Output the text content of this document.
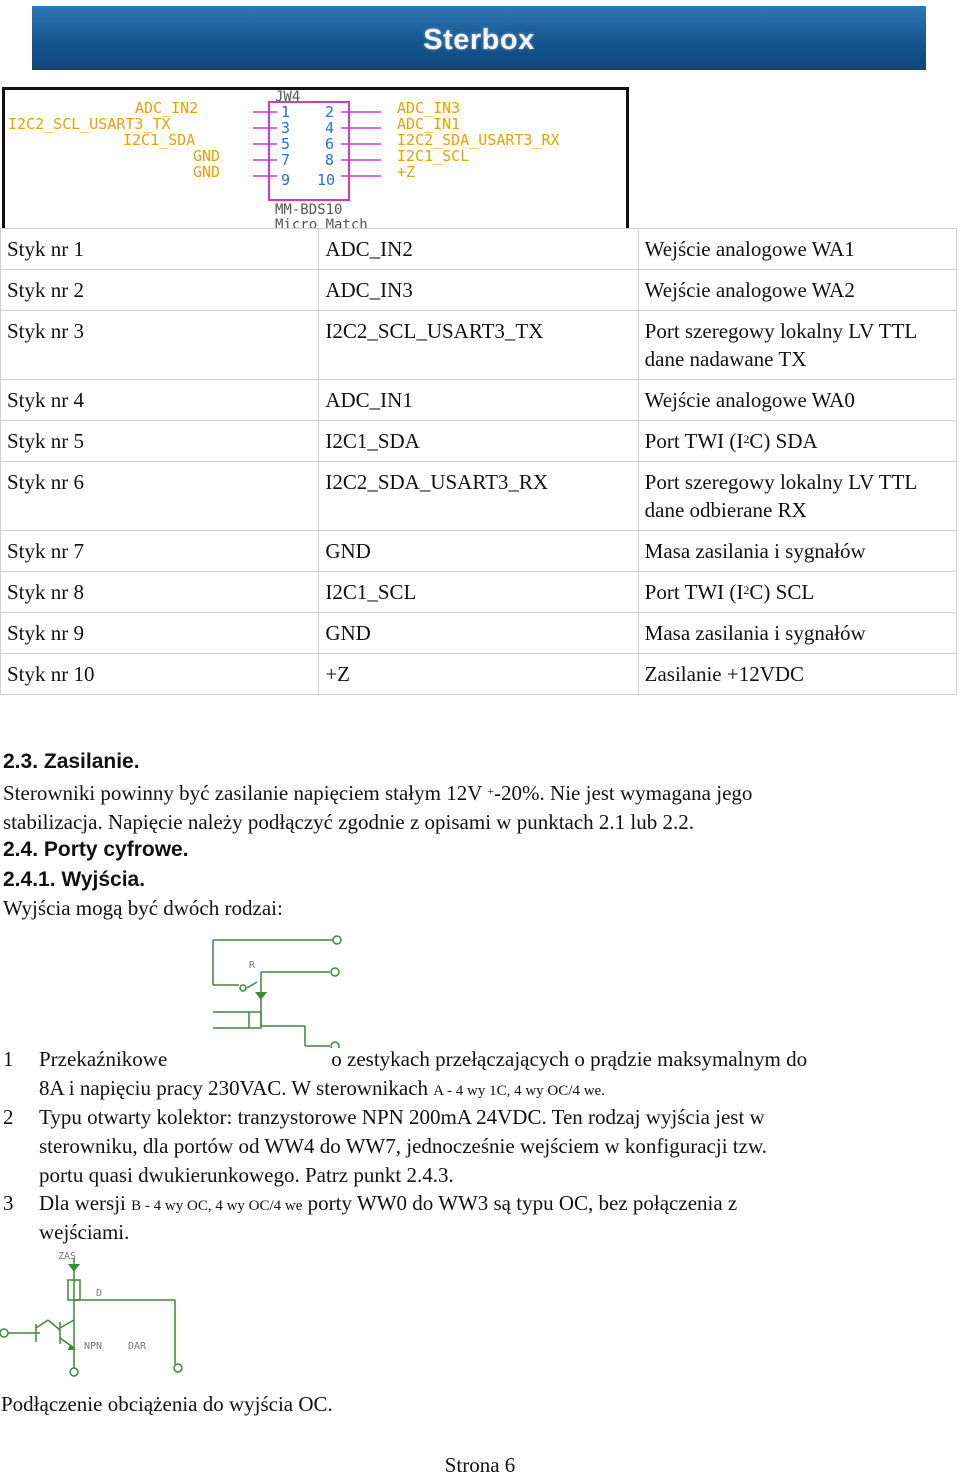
Sterbox
ADC_IN2
I2C2_SCL_USART3_TX
I2C1_SDA
GND
GND
ADC_IN3
ADC_IN1
I2C2_SDA_USART3_RX
I2C1_SCL
+Z
1 2
3 4
5 6
7 8
9 10
JW4
MM-BDS10
Micro Match
Styk nr 1	ADC_IN2	Wejście analogowe WA1
Styk nr 2	ADC_IN3	Wejście analogowe WA2
Styk nr 3	I2C2_SCL_USART3_TX	Port szeregowy lokalny LV TTL dane nadawane TX
Styk nr 4	ADC_IN1	Wejście analogowe WA0
Styk nr 5	I2C1_SDA	Port TWI $(I^2C)$ SDA
Styk nr 6	I2C2_SDA_USART3_RX	Port szeregowy lokalny LV TTL dane odbierane RX
Styk nr 7	GND	Masa zasilania i sygnałów
Styk nr 8	I2C1_SCL	Port TWI $(I^2C)$ SCL
Styk nr 9	GND	Masa zasilania i sygnałów
Styk nr 10	+Z	Zasilanie +12VDC
2.3. Zasilanie.
Sterowniki powinny być zasilanie napięciem stałym 12V +-20%. Nie jest wymagana jego
stabilizacja. Napięcie należy podłączyć zgodnie z opisami w punktach 2.1 lub 2.2.
2.4. Porty cyfrowe.
2.4.1. Wyjścia.
Wyjścia mogą być dwóch rodzai:
R
1 Przekaźnikowe	o zestykach przełączających o prądzie maksymalnym do
8A i napięciu pracy 230VAC. W sterownikach A - 4 wy 1C, 4 wy OC/4 we.
2 Typu otwarty kolektor: tranzystorowe NPN 200mA 24VDC. Ten rodzaj wyjścia jest w
sterowniku, dla portów od WW4 do WW7, jednocześnie wejściem w konfiguracji tzw.
portu quasi dwukierunkowego. Patrz punkt 2.4.3.
3 Dla wersji B - 4 wy OC, 4 wy OC/4 we porty WW0 do WW3 są typu OC, bez połączenia z
wejściami.
ZAS
D
NPN	DAR
Podłączenie obciążenia do wyjścia OC.
Strona 6
